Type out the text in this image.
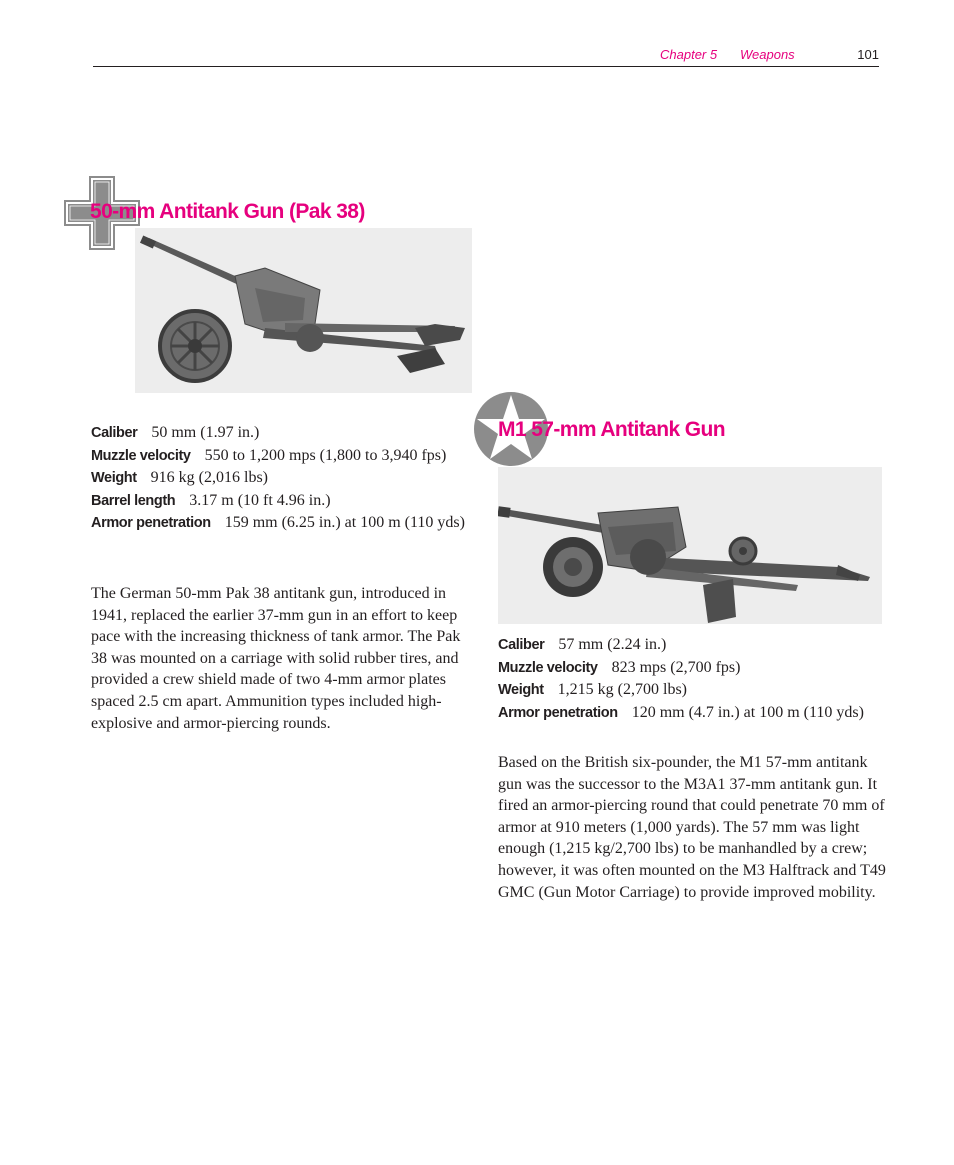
Chapter 5 Weapons	101
50-mm Antitank Gun (Pak 38)
Caliber 50 mm (1.97 in.)
Muzzle velocity 550 to 1,200 mps (1,800 to 3,940 fps)
Weight 916 kg (2,016 lbs)
Barrel length 3.17 m (10 ft 4.96 in.)
Armor penetration 159 mm (6.25 in.) at 100 m (110 yds)

The German 50-mm Pak 38 antitank gun, introduced in 1941, replaced the earlier 37-mm gun in an effort to keep pace with the increasing thickness of tank armor. The Pak 38 was mounted on a carriage with solid rubber tires, and provided a crew shield made of two 4-mm armor plates spaced 2.5 cm apart. Ammunition types included high-explosive and armor-piercing rounds.

M1 57-mm Antitank Gun
Caliber 57 mm (2.24 in.)
Muzzle velocity 823 mps (2,700 fps)
Weight 1,215 kg (2,700 lbs)
Armor penetration 120 mm (4.7 in.) at 100 m (110 yds)

Based on the British six-pounder, the M1 57-mm antitank gun was the successor to the M3A1 37-mm antitank gun. It fired an armor-piercing round that could penetrate 70 mm of armor at 910 meters (1,000 yards). The 57 mm was light enough (1,215 kg/2,700 lbs) to be manhandled by a crew; however, it was often mounted on the M3 Halftrack and T49 GMC (Gun Motor Carriage) to provide improved mobility.
